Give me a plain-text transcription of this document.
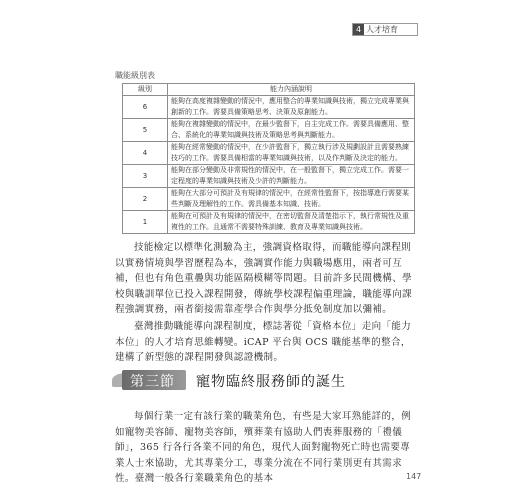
4 人才培育
職能級別表
級別	能力內涵說明
6	能夠在高度複雜變動的情況中，應用整合的專業知識與技術，獨立完成專業與創新的工作。需要具備策略思考、決策及原創能力。
5	能夠在複雜變動的情況中，在最少監督下，自主完成工作。需要具備應用、整合、系統化的專業知識與技術及策略思考與判斷能力。
4	能夠在經常變動的情況中，在少許監督下，獨立執行涉及規劃設計且需要熟練技巧的工作。需要具備相當的專業知識與技術，以及作判斷及決定的能力。
3	能夠在部分變動及非常規性的情況中，在一般監督下，獨立完成工作。需要一定程度的專業知識與技術及少許的判斷能力。
2	能夠在大部分可預計及有規律的情況中，在經常性監督下，按指導進行需要某些判斷及理解性的工作。需具備基本知識、技術。
1	能夠在可預計及有規律的情況中，在密切監督及清楚指示下，執行常規性及重複性的工作。且通常不需要特殊訓練、教育及專業知識與技術。

技能檢定以標準化測驗為主，強調資格取得，而職能導向課程則以實務情境與學習歷程為本，強調實作能力與職場應用，兩者可互補，但也有角色重疊與功能區隔模糊等問題。目前許多民間機構、學校與職訓單位已投入課程開發，傳統學校課程偏重理論，職能導向課程強調實務，兩者銜接需靠產學合作與學分抵免制度加以彌補。

臺灣推動職能導向課程制度，標誌著從「資格本位」走向「能力本位」的人才培育思維轉變。iCAP 平台與 OCS 職能基準的整合，建構了新型態的課程開發與認證機制。

第三節 寵物臨終服務師的誕生

每個行業一定有該行業的職業角色，有些是大家耳熟能詳的，例如寵物美容師、寵物美容師，殯葬業有協助人們喪葬服務的「禮儀師」，365 行各行各業不同的角色，現代人面對寵物死亡時也需要專業人士來協助，尤其專業分工，專業分流在不同行業別更有其需求性。臺灣一般各行業職業角色的基本	147
